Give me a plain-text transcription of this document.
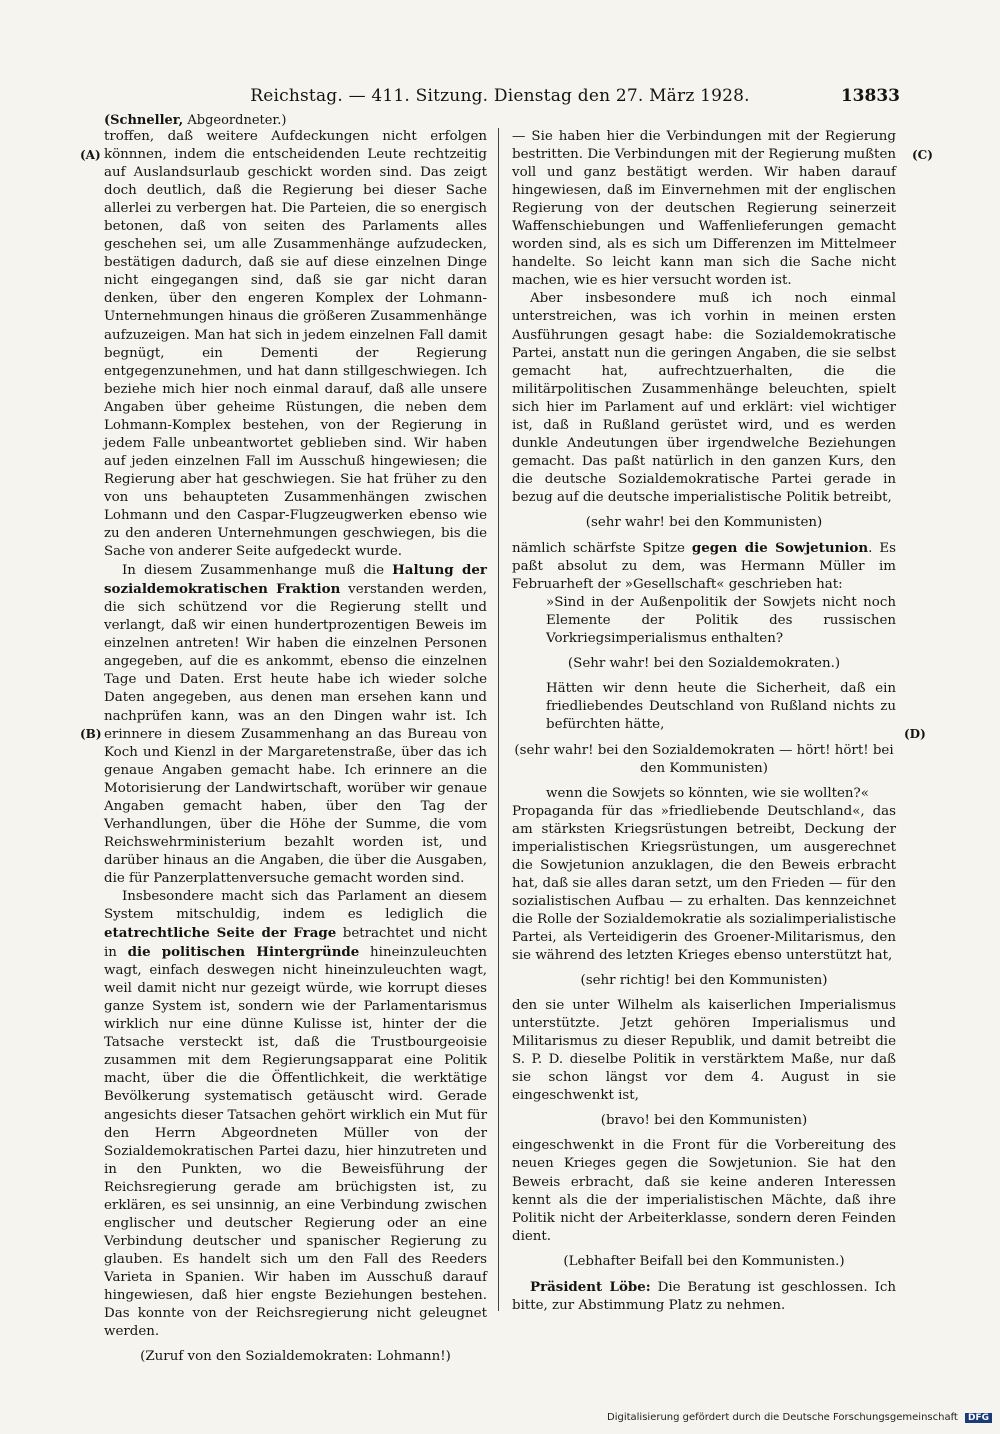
Reichstag. — 411. Sitzung. Dienstag den 27. März 1928.	13833
(Schneller, Abgeordneter.)
(A)
(B)
(C)
(D)

troffen, daß weitere Aufdeckungen nicht erfolgen könnnen, indem die entscheidenden Leute rechtzeitig auf Auslandsurlaub geschickt worden sind. Das zeigt doch deutlich, daß die Regierung bei dieser Sache allerlei zu verbergen hat. Die Parteien, die so energisch betonen, daß von seiten des Parlaments alles geschehen sei, um alle Zusammenhänge aufzudecken, bestätigen dadurch, daß sie auf diese einzelnen Dinge nicht eingegangen sind, daß sie gar nicht daran denken, über den engeren Komplex der Lohmann-Unternehmungen hinaus die größeren Zusammenhänge aufzuzeigen. Man hat sich in jedem einzelnen Fall damit begnügt, ein Dementi der Regierung entgegenzunehmen, und hat dann stillgeschwiegen. Ich beziehe mich hier noch einmal darauf, daß alle unsere Angaben über geheime Rüstungen, die neben dem Lohmann-Komplex bestehen, von der Regierung in jedem Falle unbeantwortet geblieben sind. Wir haben auf jeden einzelnen Fall im Ausschuß hingewiesen; die Regierung aber hat geschwiegen. Sie hat früher zu den von uns behaupteten Zusammenhängen zwischen Lohmann und den Caspar-Flugzeugwerken ebenso wie zu den anderen Unternehmungen geschwiegen, bis die Sache von anderer Seite aufgedeckt wurde.

In diesem Zusammenhange muß die Haltung der sozialdemokratischen Fraktion verstanden werden, die sich schützend vor die Regierung stellt und verlangt, daß wir einen hundertprozentigen Beweis im einzelnen antreten! Wir haben die einzelnen Personen angegeben, auf die es ankommt, ebenso die einzelnen Tage und Daten. Erst heute habe ich wieder solche Daten angegeben, aus denen man ersehen kann und nachprüfen kann, was an den Dingen wahr ist. Ich erinnere in diesem Zusammenhang an das Bureau von Koch und Kienzl in der Margaretenstraße, über das ich genaue Angaben gemacht habe. Ich erinnere an die Motorisierung der Landwirtschaft, worüber wir genaue Angaben gemacht haben, über den Tag der Verhandlungen, über die Höhe der Summe, die vom Reichswehrministerium bezahlt worden ist, und darüber hinaus an die Angaben, die über die Ausgaben, die für Panzerplattenversuche gemacht worden sind.

Insbesondere macht sich das Parlament an diesem System mitschuldig, indem es lediglich die etatrechtliche Seite der Frage betrachtet und nicht in die politischen Hintergründe hineinzuleuchten wagt, einfach deswegen nicht hineinzuleuchten wagt, weil damit nicht nur gezeigt würde, wie korrupt dieses ganze System ist, sondern wie der Parlamentarismus wirklich nur eine dünne Kulisse ist, hinter der die Tatsache versteckt ist, daß die Trustbourgeoisie zusammen mit dem Regierungsapparat eine Politik macht, über die die Öffentlichkeit, die werktätige Bevölkerung systematisch getäuscht wird. Gerade angesichts dieser Tatsachen gehört wirklich ein Mut für den Herrn Abgeordneten Müller von der Sozialdemokratischen Partei dazu, hier hinzutreten und in den Punkten, wo die Beweisführung der Reichsregierung gerade am brüchigsten ist, zu erklären, es sei unsinnig, an eine Verbindung zwischen englischer und deutscher Regierung oder an eine Verbindung deutscher und spanischer Regierung zu glauben. Es handelt sich um den Fall des Reeders Varieta in Spanien. Wir haben im Ausschuß darauf hingewiesen, daß hier engste Beziehungen bestehen. Das konnte von der Reichsregierung nicht geleugnet werden.

(Zuruf von den Sozialdemokraten: Lohmann!)

— Sie haben hier die Verbindungen mit der Regierung bestritten. Die Verbindungen mit der Regierung mußten voll und ganz bestätigt werden. Wir haben darauf hingewiesen, daß im Einvernehmen mit der englischen Regierung von der deutschen Regierung seinerzeit Waffenschiebungen und Waffenlieferungen gemacht worden sind, als es sich um Differenzen im Mittelmeer handelte. So leicht kann man sich die Sache nicht machen, wie es hier versucht worden ist.

Aber insbesondere muß ich noch einmal unterstreichen, was ich vorhin in meinen ersten Ausführungen gesagt habe: die Sozialdemokratische Partei, anstatt nun die geringen Angaben, die sie selbst gemacht hat, aufrechtzuerhalten, die die militärpolitischen Zusammenhänge beleuchten, spielt sich hier im Parlament auf und erklärt: viel wichtiger ist, daß in Rußland gerüstet wird, und es werden dunkle Andeutungen über irgendwelche Beziehungen gemacht. Das paßt natürlich in den ganzen Kurs, den die deutsche Sozialdemokratische Partei gerade in bezug auf die deutsche imperialistische Politik betreibt,

(sehr wahr! bei den Kommunisten)

nämlich schärfste Spitze gegen die Sowjetunion. Es paßt absolut zu dem, was Hermann Müller im Februarheft der »Gesellschaft« geschrieben hat:

»Sind in der Außenpolitik der Sowjets nicht noch Elemente der Politik des russischen Vorkriegsimperialismus enthalten?

(Sehr wahr! bei den Sozialdemokraten.)

Hätten wir denn heute die Sicherheit, daß ein friedliebendes Deutschland von Rußland nichts zu befürchten hätte,

(sehr wahr! bei den Sozialdemokraten — hört! hört! bei den Kommunisten)

wenn die Sowjets so könnten, wie sie wollten?«

Propaganda für das »friedliebende Deutschland«, das am stärksten Kriegsrüstungen betreibt, Deckung der imperialistischen Kriegsrüstungen, um ausgerechnet die Sowjetunion anzuklagen, die den Beweis erbracht hat, daß sie alles daran setzt, um den Frieden — für den sozialistischen Aufbau — zu erhalten. Das kennzeichnet die Rolle der Sozialdemokratie als sozialimperialistische Partei, als Verteidigerin des Groener-Militarismus, den sie während des letzten Krieges ebenso unterstützt hat,

(sehr richtig! bei den Kommunisten)

den sie unter Wilhelm als kaiserlichen Imperialismus unterstützte. Jetzt gehören Imperialismus und Militarismus zu dieser Republik, und damit betreibt die S. P. D. dieselbe Politik in verstärktem Maße, nur daß sie schon längst vor dem 4. August in sie eingeschwenkt ist,

(bravo! bei den Kommunisten)

eingeschwenkt in die Front für die Vorbereitung des neuen Krieges gegen die Sowjetunion. Sie hat den Beweis erbracht, daß sie keine anderen Interessen kennt als die der imperialistischen Mächte, daß ihre Politik nicht der Arbeiterklasse, sondern deren Feinden dient.

(Lebhafter Beifall bei den Kommunisten.)

Präsident Löbe: Die Beratung ist geschlossen. Ich bitte, zur Abstimmung Platz zu nehmen.

Digitalisierung gefördert durch die Deutsche Forschungsgemeinschaft DFG
